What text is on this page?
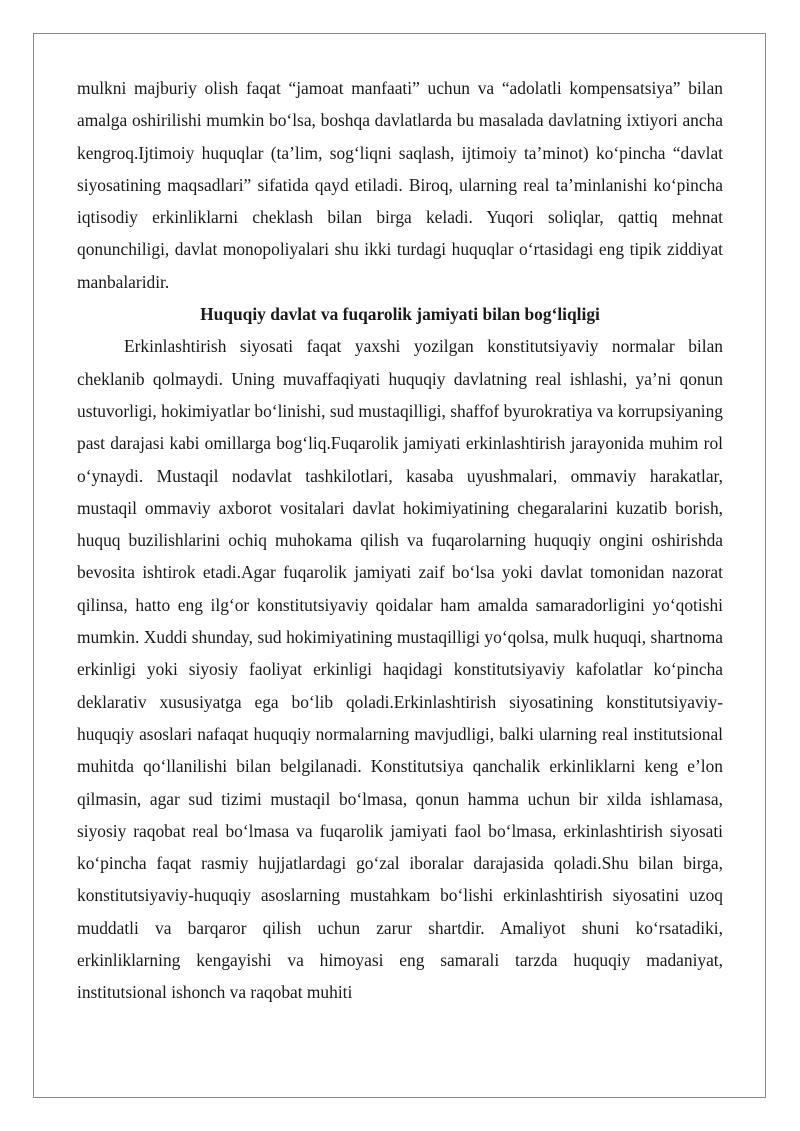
mulkni majburiy olish faqat “jamoat manfaati” uchun va “adolatli kompensatsiya” bilan amalga oshirilishi mumkin bo‘lsa, boshqa davlatlarda bu masalada davlatning ixtiyori ancha kengroq.Ijtimoiy huquqlar (ta’lim, sog‘liqni saqlash, ijtimoiy ta’minot) ko‘pincha “davlat siyosatining maqsadlari” sifatida qayd etiladi. Biroq, ularning real ta’minlanishi ko‘pincha iqtisodiy erkinliklarni cheklash bilan birga keladi. Yuqori soliqlar, qattiq mehnat qonunchiligi, davlat monopoliyalari shu ikki turdagi huquqlar o‘rtasidagi eng tipik ziddiyat manbalaridir.

Huquqiy davlat va fuqarolik jamiyati bilan bog‘liqligi

Erkinlashtirish siyosati faqat yaxshi yozilgan konstitutsiyaviy normalar bilan cheklanib qolmaydi. Uning muvaffaqiyati huquqiy davlatning real ishlashi, ya’ni qonun ustuvorligi, hokimiyatlar bo‘linishi, sud mustaqilligi, shaffof byurokratiya va korrupsiyaning past darajasi kabi omillarga bog‘liq.Fuqarolik jamiyati erkinlashtirish jarayonida muhim rol o‘ynaydi. Mustaqil nodavlat tashkilotlari, kasaba uyushmalari, ommaviy harakatlar, mustaqil ommaviy axborot vositalari davlat hokimiyatining chegaralarini kuzatib borish, huquq buzilishlarini ochiq muhokama qilish va fuqarolarning huquqiy ongini oshirishda bevosita ishtirok etadi.Agar fuqarolik jamiyati zaif bo‘lsa yoki davlat tomonidan nazorat qilinsa, hatto eng ilg‘or konstitutsiyaviy qoidalar ham amalda samaradorligini yo‘qotishi mumkin. Xuddi shunday, sud hokimiyatining mustaqilligi yo‘qolsa, mulk huquqi, shartnoma erkinligi yoki siyosiy faoliyat erkinligi haqidagi konstitutsiyaviy kafolatlar ko‘pincha deklarativ xususiyatga ega bo‘lib qoladi.Erkinlashtirish siyosatining konstitutsiyaviy-huquqiy asoslari nafaqat huquqiy normalarning mavjudligi, balki ularning real institutsional muhitda qo‘llanilishi bilan belgilanadi. Konstitutsiya qanchalik erkinliklarni keng e’lon qilmasin, agar sud tizimi mustaqil bo‘lmasa, qonun hamma uchun bir xilda ishlamasa, siyosiy raqobat real bo‘lmasa va fuqarolik jamiyati faol bo‘lmasa, erkinlashtirish siyosati ko‘pincha faqat rasmiy hujjatlardagi go‘zal iboralar darajasida qoladi.Shu bilan birga, konstitutsiyaviy-huquqiy asoslarning mustahkam bo‘lishi erkinlashtirish siyosatini uzoq muddatli va barqaror qilish uchun zarur shartdir. Amaliyot shuni ko‘rsatadiki, erkinliklarning kengayishi va himoyasi eng samarali tarzda huquqiy madaniyat, institutsional ishonch va raqobat muhiti
